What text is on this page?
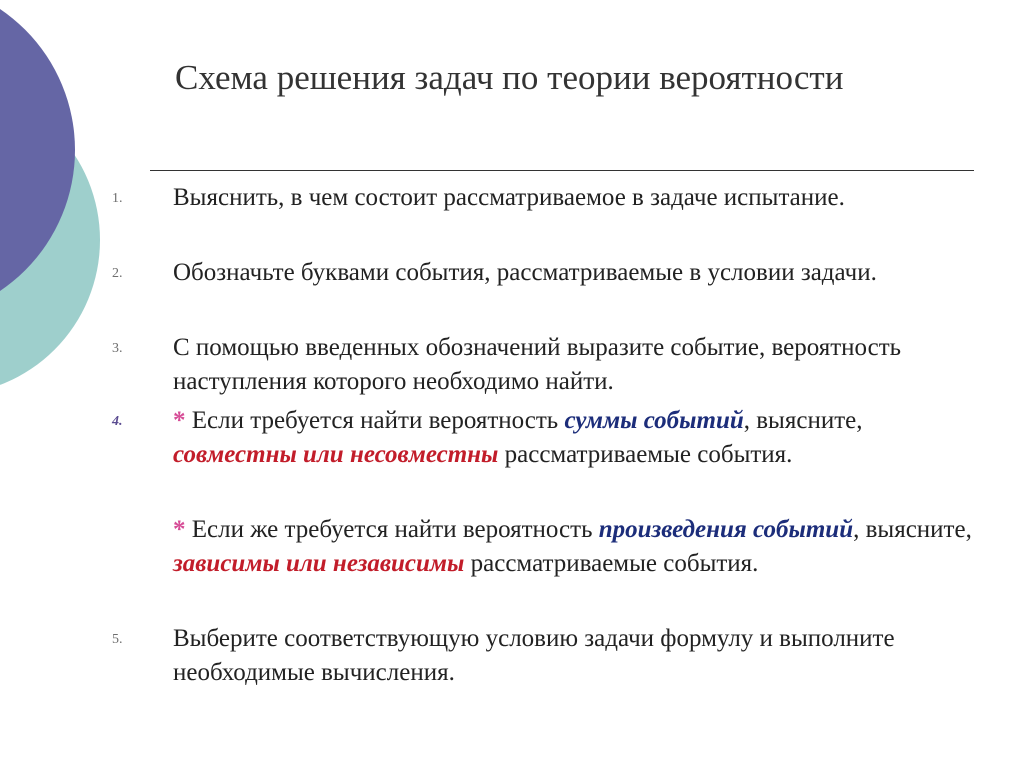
Схема решения задач по теории вероятности
1. Выяснить, в чем состоит рассматриваемое в задаче испытание.
2. Обозначьте буквами события, рассматриваемые в условии задачи.
3. С помощью введенных обозначений выразите событие, вероятность наступления которого необходимо найти.
4. * Если требуется найти вероятность суммы событий, выясните, совместны или несовместны рассматриваемые события.
* Если же требуется найти вероятность произведения событий, выясните, зависимы или независимы рассматриваемые события.
5. Выберите соответствующую условию задачи формулу и выполните необходимые вычисления.
